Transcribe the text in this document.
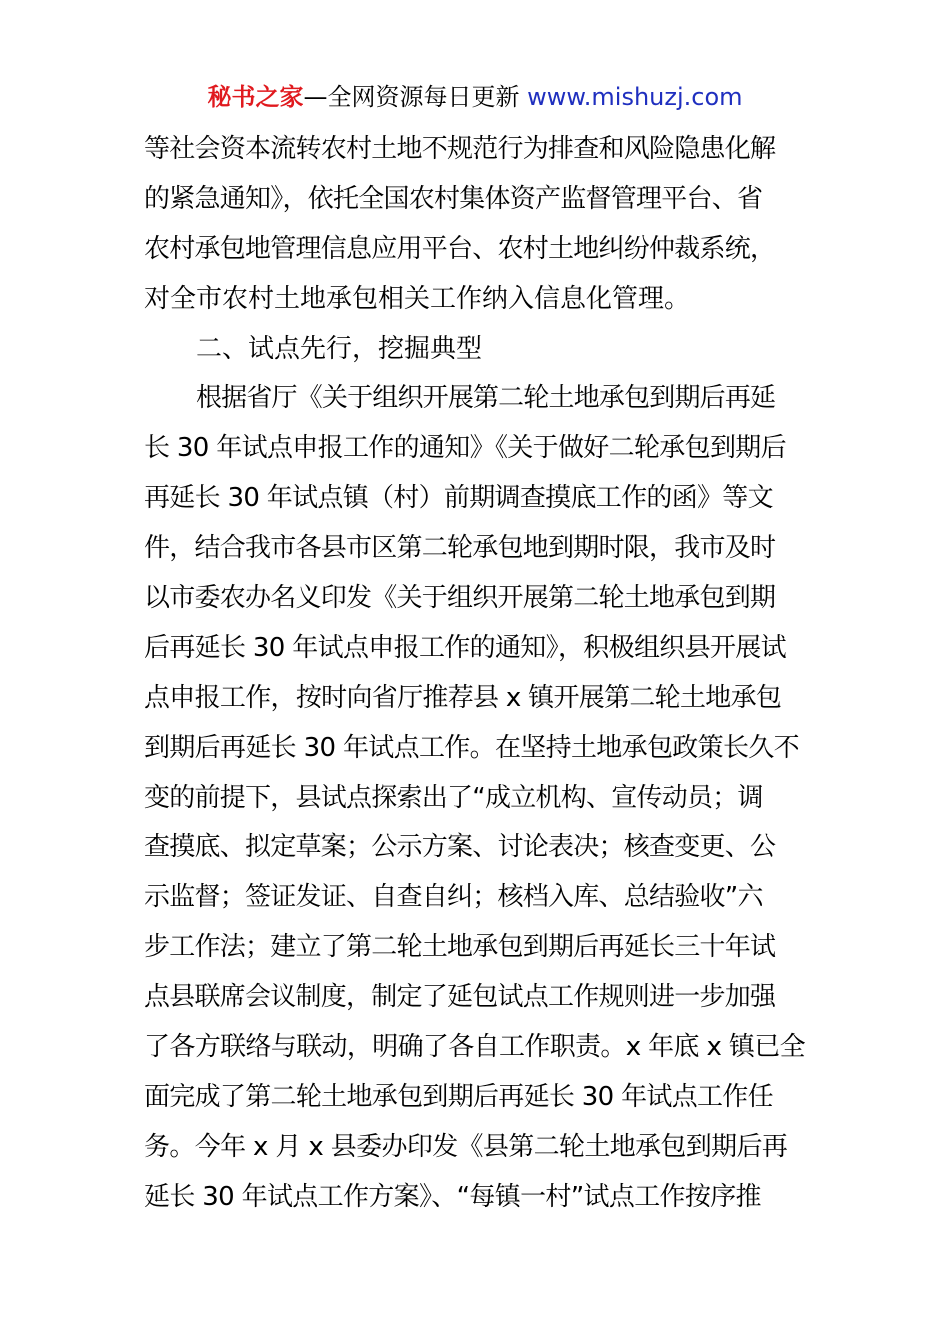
秘书之家—全网资源每日更新 www.mishuzj.com
等社会资本流转农村土地不规范行为排查和风险隐患化解
的紧急通知》，依托全国农村集体资产监督管理平台、省
农村承包地管理信息应用平台、农村土地纠纷仲裁系统，
对全市农村土地承包相关工作纳入信息化管理。
二、试点先行，挖掘典型
根据省厅《关于组织开展第二轮土地承包到期后再延
长 30 年试点申报工作的通知》《关于做好二轮承包到期后
再延长 30 年试点镇（村）前期调查摸底工作的函》等文
件，结合我市各县市区第二轮承包地到期时限，我市及时
以市委农办名义印发《关于组织开展第二轮土地承包到期
后再延长 30 年试点申报工作的通知》，积极组织县开展试
点申报工作，按时向省厅推荐县 x 镇开展第二轮土地承包
到期后再延长 30 年试点工作。在坚持土地承包政策长久不
变的前提下，县试点探索出了“成立机构、宣传动员；调
查摸底、拟定草案；公示方案、讨论表决；核查变更、公
示监督；签证发证、自查自纠；核档入库、总结验收”六
步工作法；建立了第二轮土地承包到期后再延长三十年试
点县联席会议制度，制定了延包试点工作规则进一步加强
了各方联络与联动，明确了各自工作职责。x 年底 x 镇已全
面完成了第二轮土地承包到期后再延长 30 年试点工作任
务。今年 x 月 x 县委办印发《县第二轮土地承包到期后再
延长 30 年试点工作方案》、“每镇一村”试点工作按序推
